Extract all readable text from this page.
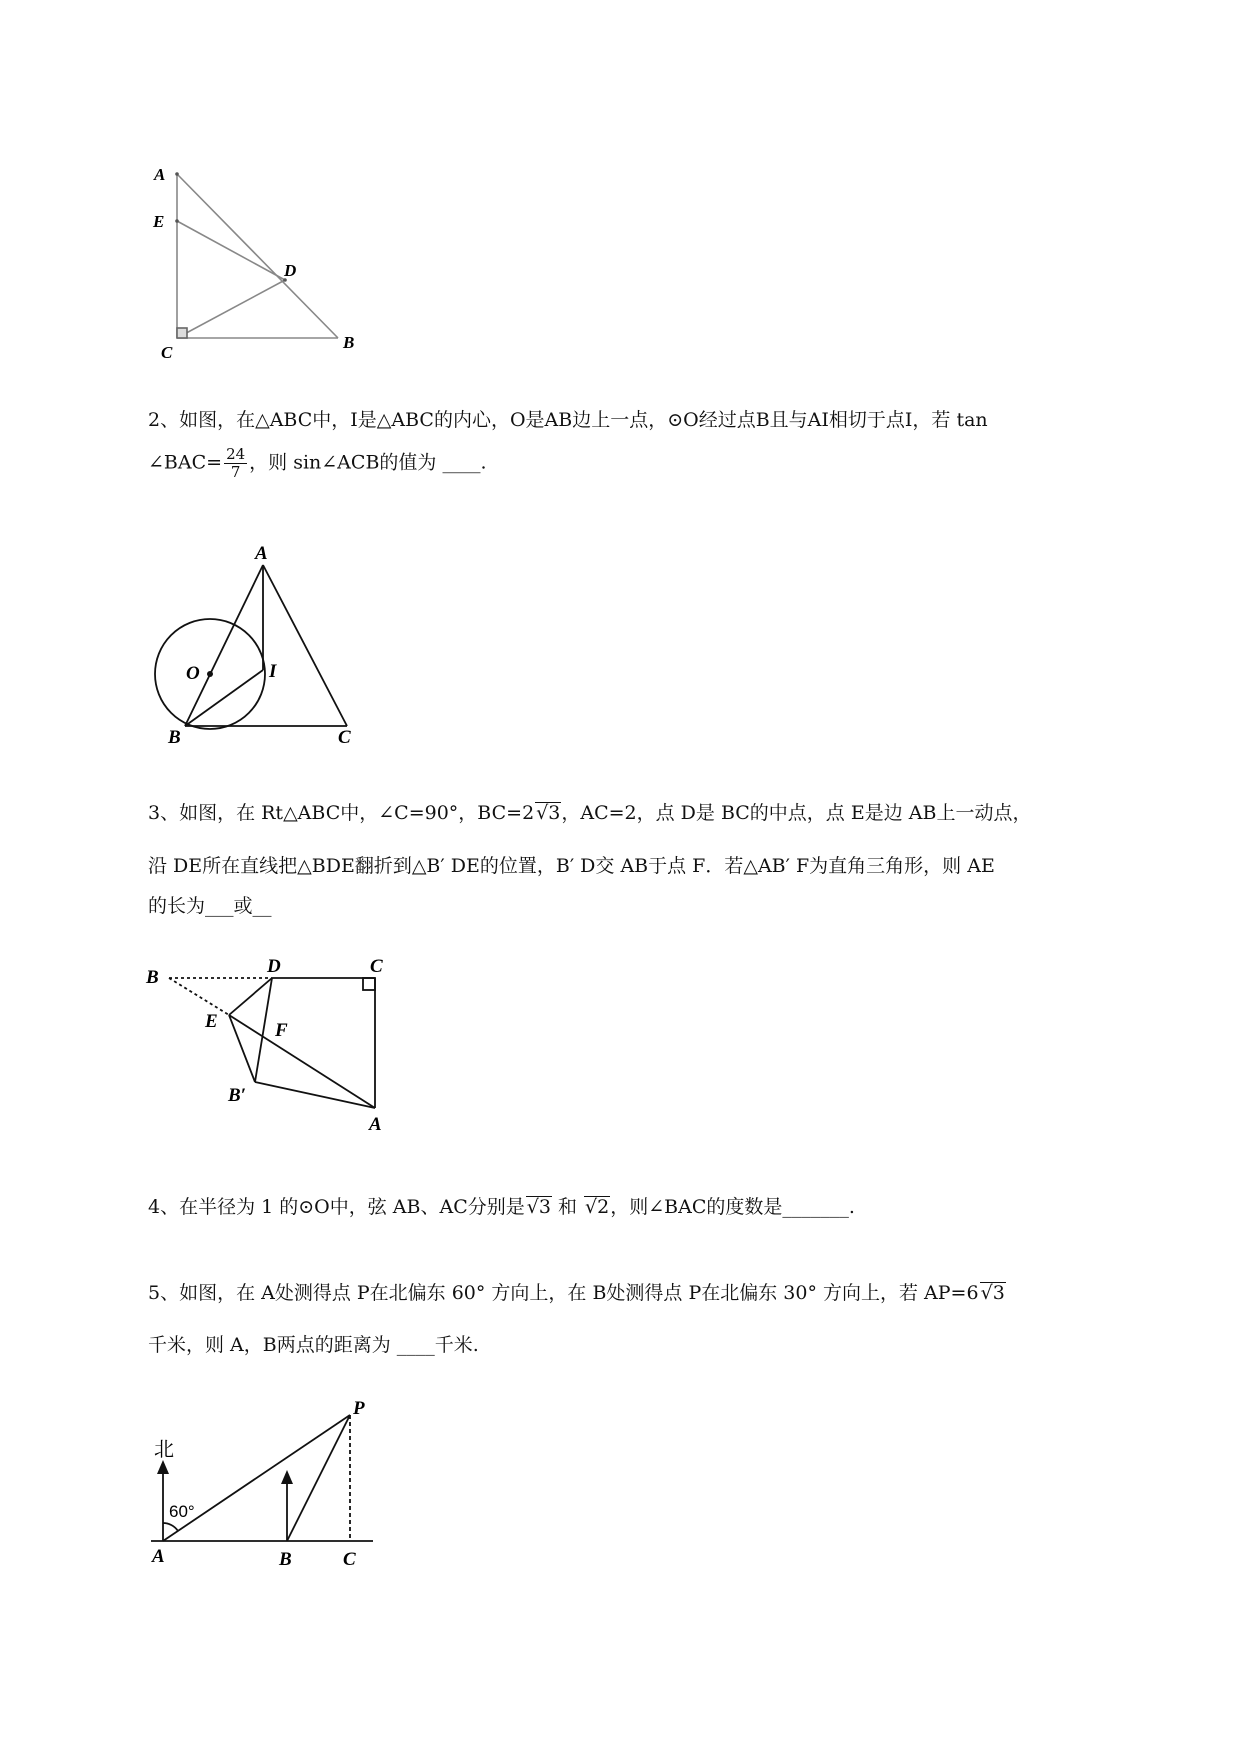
A
E
D
C
B
2、如图，在△ABC中，I是△ABC的内心，O是AB边上一点，⊙O经过点B且与AI相切于点I，若 tan
∠BAC= $\frac{24}{7}$ ，则 sin∠ACB的值为 ____.
A
O	I
B	C
3、如图，在 Rt△ABC中，∠C=90°，BC=2 √3，AC=2，点 D是 BC的中点，点 E是边 AB上一动点，
沿 DE所在直线把△BDE翻折到△B′ DE的位置，B′ D交 AB于点 F．若△AB′ F为直角三角形，则 AE
的长为___或__
B
D	C
E	F
B′
A
4、在半径为 1 的⊙O中，弦 AB、AC分别是 √3 和 √2，则∠BAC的度数是_______.
5、如图，在 A处测得点 P在北偏东 60° 方向上，在 B处测得点 P在北偏东 30° 方向上，若 AP=6 √3
千米，则 A，B两点的距离为 ____千米.
P
北
60°
A	B	C
